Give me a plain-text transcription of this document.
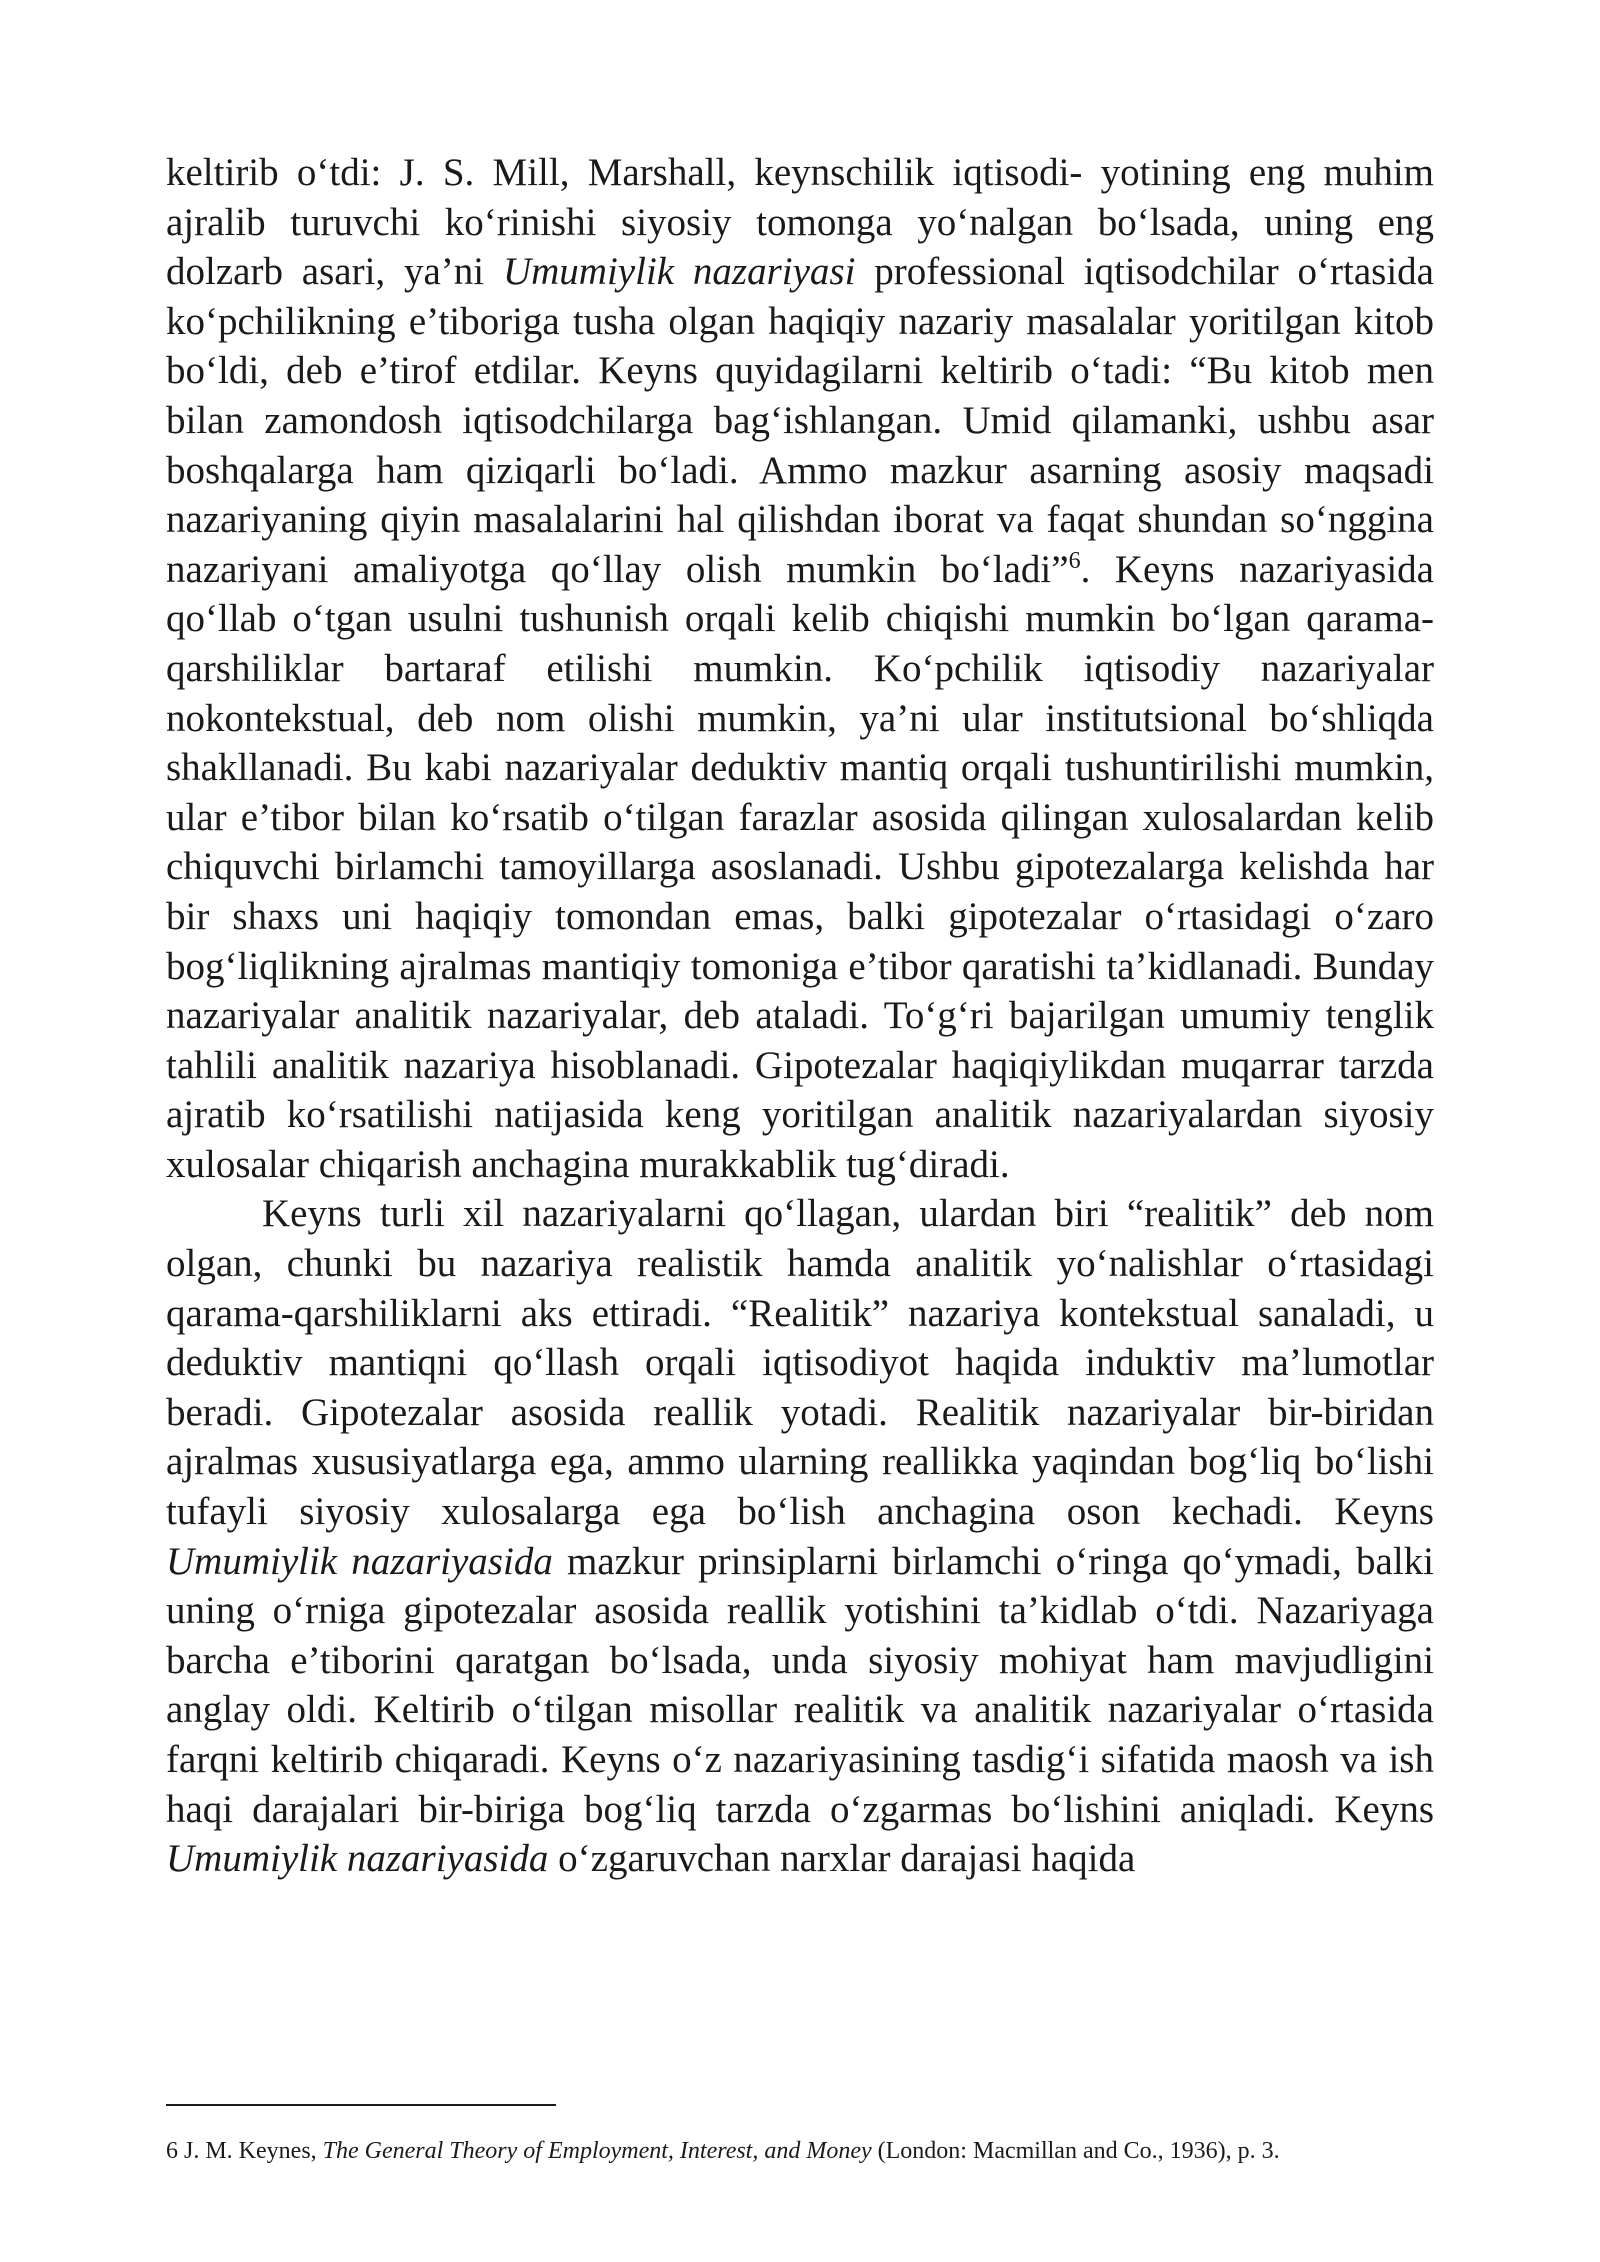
keltirib o‘tdi: J. S. Mill, Marshall, keynschilik iqtisodi- yotining eng muhim ajralib turuvchi ko‘rinishi siyosiy tomonga yo‘nalgan bo‘lsada, uning eng dolzarb asari, ya’ni Umumiylik nazariyasi professional iqtisodchilar o‘rtasida ko‘pchilikning e’tiboriga tusha olgan haqiqiy nazariy masalalar yoritilgan kitob bo‘ldi, deb e’tirof etdilar. Keyns quyidagilarni keltirib o‘tadi: “Bu kitob men bilan zamondosh iqtisodchilarga bag‘ishlangan. Umid qilamanki, ushbu asar boshqalarga ham qiziqarli bo‘ladi. Ammo mazkur asarning asosiy maqsadi nazariyaning qiyin masalalarini hal qilishdan iborat va faqat shundan so‘nggina nazariyani amaliyotga qo‘llay olish mumkin bo‘ladi”$^6$. Keyns nazariyasida qo‘llab o‘tgan usulni tushunish orqali kelib chiqishi mumkin bo‘lgan qarama-qarshiliklar bartaraf etilishi mumkin. Ko‘pchilik iqtisodiy nazariyalar nokontekstual, deb nom olishi mumkin, ya’ni ular institutsional bo‘shliqda shakllanadi. Bu kabi nazariyalar deduktiv mantiq orqali tushuntirilishi mumkin, ular e’tibor bilan ko‘rsatib o‘tilgan farazlar asosida qilingan xulosalardan kelib chiquvchi birlamchi tamoyillarga asoslanadi. Ushbu gipotezalarga kelishda har bir shaxs uni haqiqiy tomondan emas, balki gipotezalar o‘rtasidagi o‘zaro bog‘liqlikning ajralmas mantiqiy tomoniga e’tibor qaratishi ta’kidlanadi. Bunday nazariyalar analitik nazariyalar, deb ataladi. To‘g‘ri bajarilgan umumiy tenglik tahlili analitik nazariya hisoblanadi. Gipotezalar haqiqiylikdan muqarrar tarzda ajratib ko‘rsatilishi natijasida keng yoritilgan analitik nazariyalardan siyosiy xulosalar chiqarish anchagina murakkablik tug‘diradi.

Keyns turli xil nazariyalarni qo‘llagan, ulardan biri “realitik” deb nom olgan, chunki bu nazariya realistik hamda analitik yo‘nalishlar o‘rtasidagi qarama-qarshiliklarni aks ettiradi. “Realitik” nazariya kontekstual sanaladi, u deduktiv mantiqni qo‘llash orqali iqtisodiyot haqida induktiv ma’lumotlar beradi. Gipotezalar asosida reallik yotadi. Realitik nazariyalar bir-biridan ajralmas xususiyatlarga ega, ammo ularning reallikka yaqindan bog‘liq bo‘lishi tufayli siyosiy xulosalarga ega bo‘lish anchagina oson kechadi. Keyns Umumiylik nazariyasida mazkur prinsiplarni birlamchi o‘ringa qo‘ymadi, balki uning o‘rniga gipotezalar asosida reallik yotishini ta’kidlab o‘tdi. Nazariyaga barcha e’tiborini qaratgan bo‘lsada, unda siyosiy mohiyat ham mavjudligini anglay oldi. Keltirib o‘tilgan misollar realitik va analitik nazariyalar o‘rtasida farqni keltirib chiqaradi. Keyns o‘z nazariyasining tasdig‘i sifatida maosh va ish haqi darajalari bir-biriga bog‘liq tarzda o‘zgarmas bo‘lishini aniqladi. Keyns Umumiylik nazariyasida o‘zgaruvchan narxlar darajasi haqida

6 J. M. Keynes, The General Theory of Employment, Interest, and Money (London: Macmillan and Co., 1936), p. 3.
